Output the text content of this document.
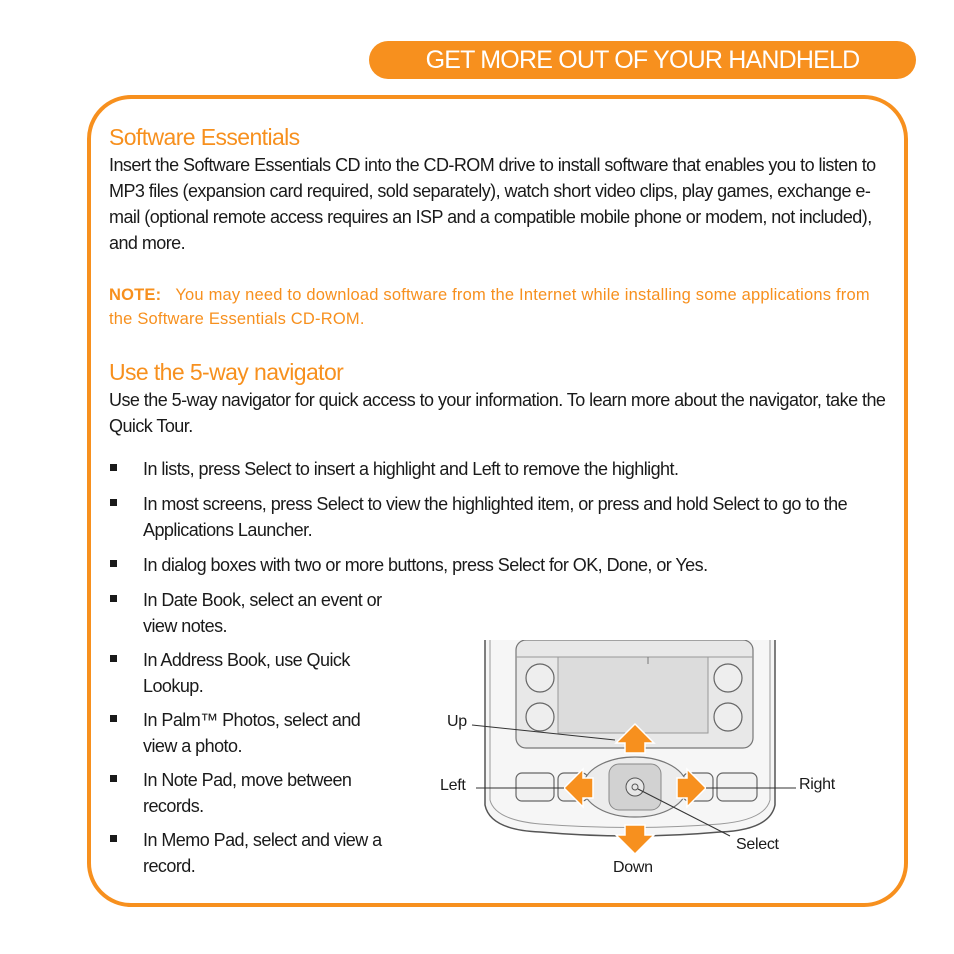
GET MORE OUT OF YOUR HANDHELD
Software Essentials

Insert the Software Essentials CD into the CD-ROM drive to install software that enables you to listen to MP3 files (expansion card required, sold separately), watch short video clips, play games, exchange e-mail (optional remote access requires an ISP and a compatible mobile phone or modem, not included), and more.

NOTE: You may need to download software from the Internet while installing some applications from the Software Essentials CD-ROM.

Use the 5-way navigator

Use the 5-way navigator for quick access to your information. To learn more about the navigator, take the Quick Tour.

In lists, press Select to insert a highlight and Left to remove the highlight.
In most screens, press Select to view the highlighted item, or press and hold Select to go to the Applications Launcher.
In dialog boxes with two or more buttons, press Select for OK, Done, or Yes.
In Date Book, select an event or view notes.
In Address Book, use Quick Lookup.
In Palm™ Photos, select and view a photo.
In Note Pad, move between records.
In Memo Pad, select and view a record.
Up
Left	Right
Select
Down
